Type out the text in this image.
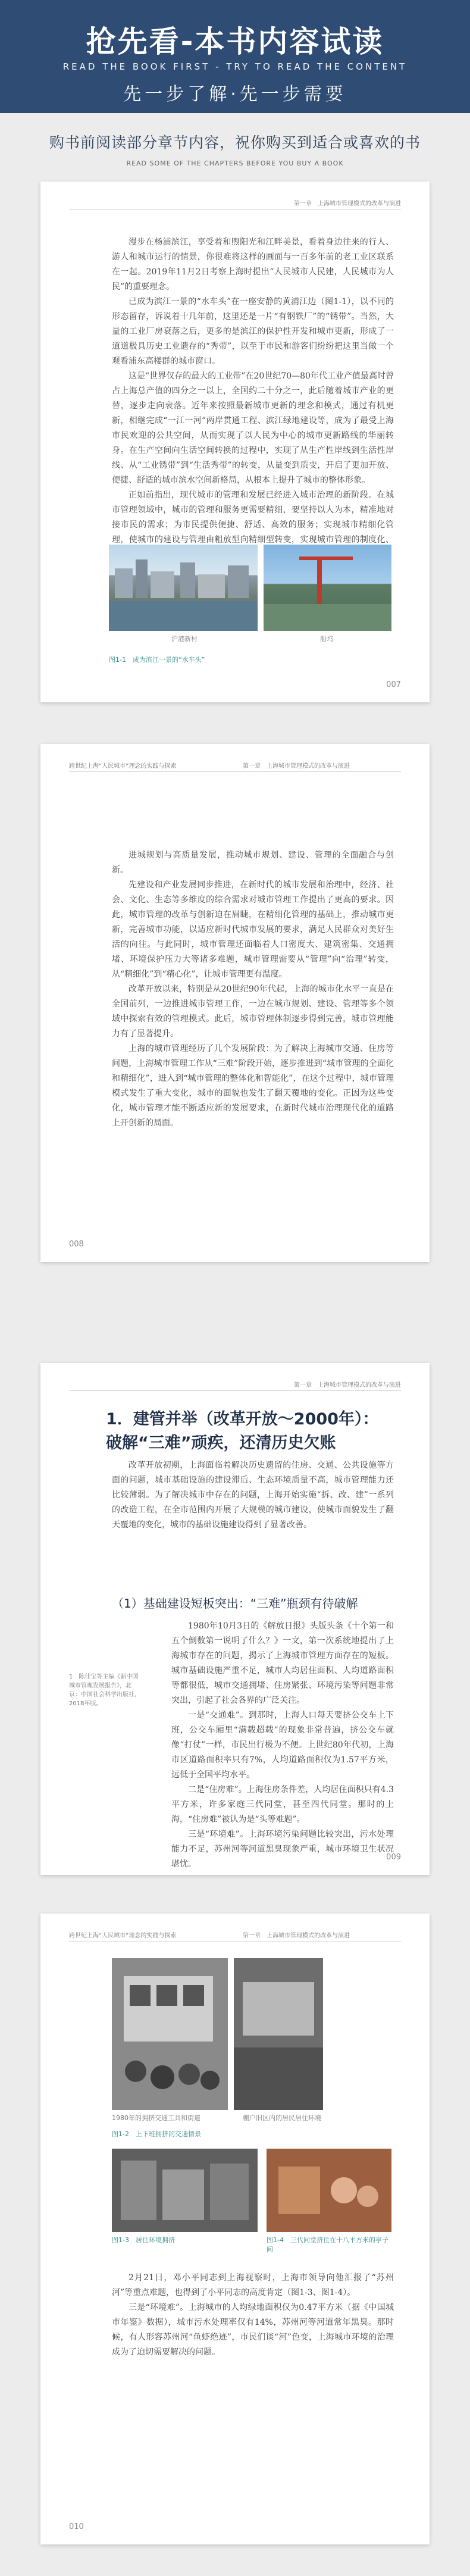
抢先看-本书内容试读
READ THE BOOK FIRST - TRY TO READ THE CONTENT
先一步了解·先一步需要
购书前阅读部分章节内容，祝你购买到适合或喜欢的书
READ SOME OF THE CHAPTERS BEFORE YOU BUY A BOOK
第一章　上海城市管理模式的改革与演进

漫步在杨浦滨江，享受着和煦阳光和江畔美景，看着身边往来的行人、游人和城市运行的情景，你很难将这样的画面与一百多年前的老工业区联系在一起。2019年11月2日考察上海时提出“人民城市人民建，人民城市为人民”的重要理念。

已成为滨江一景的“水车头”在一座安静的黄浦江边（图1-1），以不同的形态留存，诉说着十几年前，这里还是一片“有钢铁厂”的“锈带”。当然，大量的工业厂房衰落之后，更多的是滨江的保护性开发和城市更新，形成了一道道极具历史工业遗存的“秀带”，以至于市民和游客们纷纷把这里当做一个观看浦东高楼群的城市窗口。

这是“世界仅存的最大的工业带”在20世纪70—80年代工业产值最高时曾占上海总产值的四分之一以上，全国约二十分之一，此后随着城市产业的更替，逐步走向衰落。近年来按照最新城市更新的理念和模式，通过有机更新，相继完成“一江一河”两岸贯通工程、滨江绿地建设等，成为了最受上海市民欢迎的公共空间，从而实现了以人民为中心的城市更新路线的华丽转身。在生产空间向生活空间转换的过程中，实现了从生产性岸线到生活性岸线、从“工业锈带”到“生活秀带”的转变，从量变到质变，开启了更加开放、便捷、舒适的城市滨水空间新格局，从根本上提升了城市的整体形象。

正如前指出，现代城市的管理和发展已经进入城市治理的新阶段。在城市管理领域中，城市的管理和服务更需要精细，要坚持以人为本，精准地对接市民的需求；为市民提供便捷、舒适、高效的服务；实现城市精细化管理，使城市的建设与管理由粗放型向精细型转变，实现城市管理的制度化、

沪港新村	船坞
图1-1　成为滨江一景的“水车头”
007
跨世纪上海“人民城市”理念的实践与探索	第一章　上海城市管理模式的改革与演进

进城规划与高质量发展，推动城市规划、建设、管理的全面融合与创新。

先建设和产业发展同步推进，在新时代的城市发展和治理中，经济、社会、文化、生态等多维度的综合需求对城市管理工作提出了更高的要求。因此，城市管理的改革与创新迫在眉睫，在精细化管理的基础上，推动城市更新，完善城市功能，以适应新时代城市发展的要求，满足人民群众对美好生活的向往。与此同时，城市管理还面临着人口密度大、建筑密集、交通拥堵、环境保护压力大等诸多难题，城市管理需要从“管理”向“治理”转变，从“精细化”到“精心化”，让城市管理更有温度。

改革开放以来，特别是从20世纪90年代起，上海的城市化水平一直是在全国前列，一边推进城市管理工作，一边在城市规划、建设、管理等多个领域中探索有效的管理模式。此后，城市管理体制逐步得到完善，城市管理能力有了显著提升。

上海的城市管理经历了几个发展阶段：为了解决上海城市交通、住房等问题，上海城市管理工作从“三难”阶段开始，逐步推进到“城市管理的全面化和精细化”，进入到“城市管理的整体化和智能化”，在这个过程中，城市管理模式发生了重大变化，城市的面貌也发生了翻天覆地的变化。正因为这些变化，城市管理才能不断适应新的发展要求，在新时代城市治理现代化的道路上开创新的局面。

008
第一章　上海城市管理模式的改革与演进
1．建管并举（改革开放～2000年）：破解“三难”顽疾，还清历史欠账

改革开放初期，上海面临着解决历史遗留的住房、交通、公共设施等方面的问题，城市基础设施的建设滞后、生态环境质量不高，城市管理能力还比较薄弱。为了解决城市中存在的问题，上海开始实施“拆、改、建”一系列的改造工程，在全市范围内开展了大规模的城市建设，使城市面貌发生了翻天覆地的变化，城市的基础设施建设得到了显著改善。

（1）基础建设短板突出：“三难”瓶颈有待破解

1980年10月3日的《解放日报》头版头条《十个第一和五个倒数第一说明了什么？》一文，第一次系统地提出了上海城市存在的问题，揭示了上海城市管理方面存在的短板。城市基础设施严重不足，城市人均居住面积、人均道路面积等都很低，城市交通拥堵、住房紧张、环境污染等问题非常突出，引起了社会各界的广泛关注。

一是“交通难”。到那时，上海人口每天要挤公交车上下班，公交车厢里“满载超载”的现象非常普遍，挤公交车就像“打仗”一样，市民出行极为不便。上世纪80年代初，上海市区道路面积率只有7%，人均道路面积仅为1.57平方米，远低于全国平均水平。

二是“住房难”。上海住房条件差，人均居住面积只有4.3平方米，许多家庭三代同堂，甚至四代同堂。那时的上海，“住房难”被认为是“头等难题”。

三是“环境难”。上海环境污染问题比较突出，污水处理能力不足，苏州河等河道黑臭现象严重，城市环境卫生状况堪忧。

1　陈佳宝等主编《新中国城市管理发展报告》，北京：中国社会科学出版社，2018年版。
009
跨世纪上海“人民城市”理念的实践与探索	第一章　上海城市管理模式的改革与演进
1980年的拥挤交通工具和街道	棚户旧区内的居民居住环境
图1-2　上下班拥挤的交通情景
图1-3　居住环境拥挤	图1-4　三代同堂挤住在十八平方米的亭子间

2月21日，邓小平同志到上海视察时，上海市领导向他汇报了“苏州河”等重点难题，也得到了小平同志的高度肯定（图1-3、图1-4）。

三是“环境难”。上海城市的人均绿地面积仅为0.47平方米（据《中国城市年鉴》数据），城市污水处理率仅有14%，苏州河等河道常年黑臭。那时候，有人形容苏州河“鱼虾绝迹”，市民们谈“河”色变，上海城市环境的治理成为了迫切需要解决的问题。

010
